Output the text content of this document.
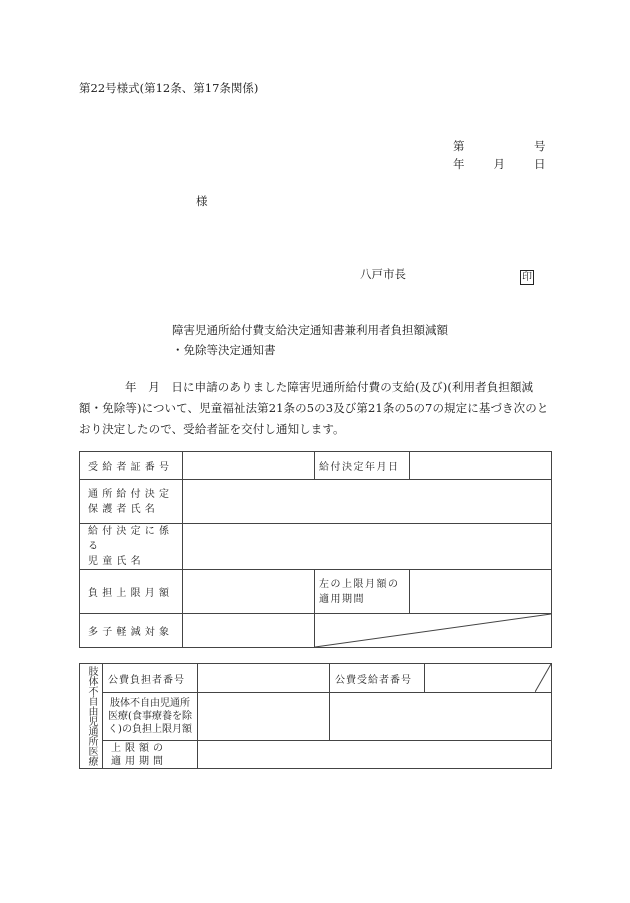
第22号様式(第12条、第17条関係)
第　　　　　号
年　　月　　日
様
八戸市長	印
障害児通所給付費支給決定通知書兼利用者負担額減額
・免除等決定通知書
年　月　日に申請のありました障害児通所給付費の支給(及び)(利用者負担額減額・免除等)について、児童福祉法第21条の5の3及び第21条の5の7の規定に基づき次のとおり決定したので、受給者証を交付し通知します。
受給者証番号		給付決定年月日	

通所給付決定
保護者氏名			

給付決定に係る
児童氏名			

負担上限月額		左の上限月額の
適用期間	

多子軽減対象		
肢体不自由児通所医療	公費負担者番号		公費受給者番号	

	肢体不自由児通所
医療(食事療養を除
く)の負担上限月額			

	上限額の
適用期間			
